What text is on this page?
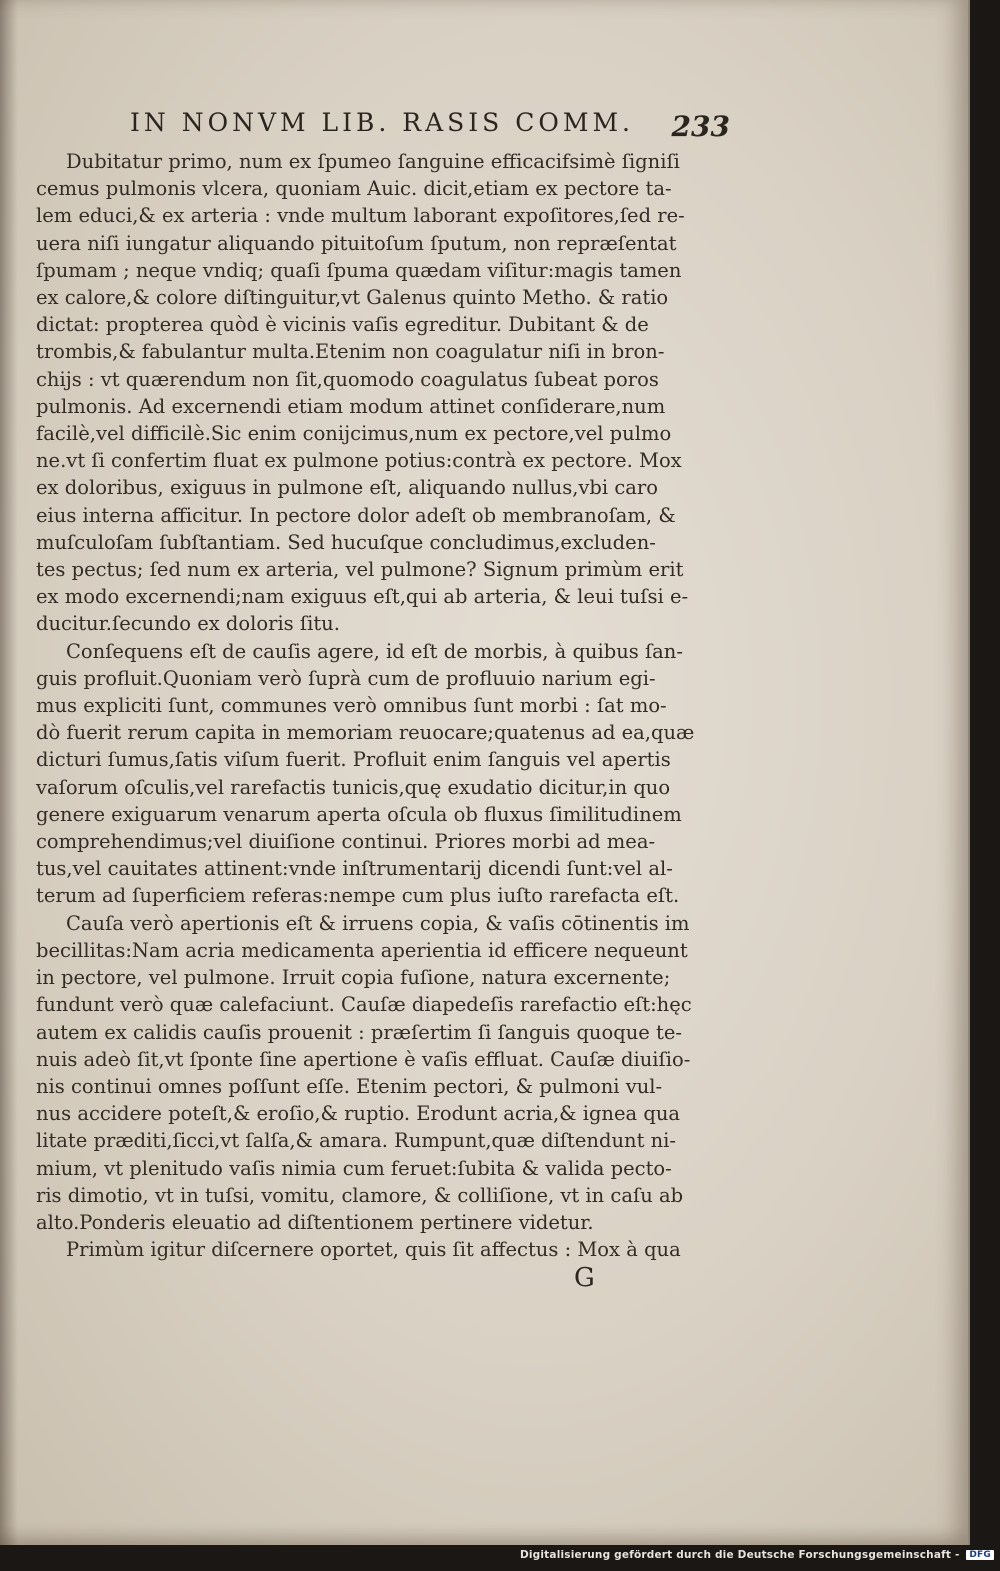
IN NONVM LIB. RASIS COMM.	233
Dubitatur primo, num ex ſpumeo ſanguine efficacifsimè ſigniſi
cemus pulmonis vlcera, quoniam Auic. dicit,etiam ex pectore ta-
lem educi,& ex arteria : vnde multum laborant expoſitores,ſed re-
uera niſi iungatur aliquando pituitoſum ſputum, non repræſentat
ſpumam ; neque vndiq; quaſi ſpuma quædam viſitur:magis tamen
ex calore,& colore diſtinguitur,vt Galenus quinto Metho. & ratio
dictat: propterea quòd è vicinis vaſis egreditur. Dubitant & de
trombis,& fabulantur multa.Etenim non coagulatur niſi in bron-
chijs : vt quærendum non ſit,quomodo coagulatus ſubeat poros
pulmonis. Ad excernendi etiam modum attinet conſiderare,num
facilè,vel difficilè.Sic enim conijcimus,num ex pectore,vel pulmo
ne.vt ſi confertim fluat ex pulmone potius:contrà ex pectore. Mox
ex doloribus, exiguus in pulmone eſt, aliquando nullus,vbi caro
eius interna afficitur. In pectore dolor adeſt ob membranoſam, &
muſculoſam ſubſtantiam. Sed hucuſque concludimus,excluden-
tes pectus; ſed num ex arteria, vel pulmone? Signum primùm erit
ex modo excernendi;nam exiguus eſt,qui ab arteria, & leui tuſsi e-
ducitur.ſecundo ex doloris ſitu.
Conſequens eſt de cauſis agere, id eſt de morbis, à quibus ſan-
guis profluit.Quoniam verò ſuprà cum de profluuio narium egi-
mus expliciti ſunt, communes verò omnibus ſunt morbi : ſat mo-
dò fuerit rerum capita in memoriam reuocare;quatenus ad ea,quæ
dicturi ſumus,ſatis viſum fuerit. Profluit enim ſanguis vel apertis
vaſorum oſculis,vel rarefactis tunicis,quę exudatio dicitur,in quo
genere exiguarum venarum aperta oſcula ob fluxus ſimilitudinem
comprehendimus;vel diuiſione continui. Priores morbi ad mea-
tus,vel cauitates attinent:vnde inſtrumentarij dicendi ſunt:vel al-
terum ad ſuperficiem referas:nempe cum plus iuſto rarefacta eſt.
Cauſa verò apertionis eſt & irruens copia, & vaſis cōtinentis im
becillitas:Nam acria medicamenta aperientia id efficere nequeunt
in pectore, vel pulmone. Irruit copia fuſione, natura excernente;
fundunt verò quæ calefaciunt. Cauſæ diapedeſis rarefactio eſt:hęc
autem ex calidis cauſis prouenit : præſertim ſi ſanguis quoque te-
nuis adeò ſit,vt ſponte ſine apertione è vaſis effluat. Cauſæ diuiſio-
nis continui omnes poſſunt eſſe. Etenim pectori, & pulmoni vul-
nus accidere poteſt,& eroſio,& ruptio. Erodunt acria,& ignea qua
litate præditi,ſicci,vt ſalſa,& amara. Rumpunt,quæ diſtendunt ni-
mium, vt plenitudo vaſis nimia cum feruet:ſubita & valida pecto-
ris dimotio, vt in tuſsi, vomitu, clamore, & colliſione, vt in caſu ab
alto.Ponderis eleuatio ad diſtentionem pertinere videtur.
Primùm igitur diſcernere oportet, quis ſit affectus : Mox à qua
G
Digitalisierung gefördert durch die Deutsche Forschungsgemeinschaft - DFG
